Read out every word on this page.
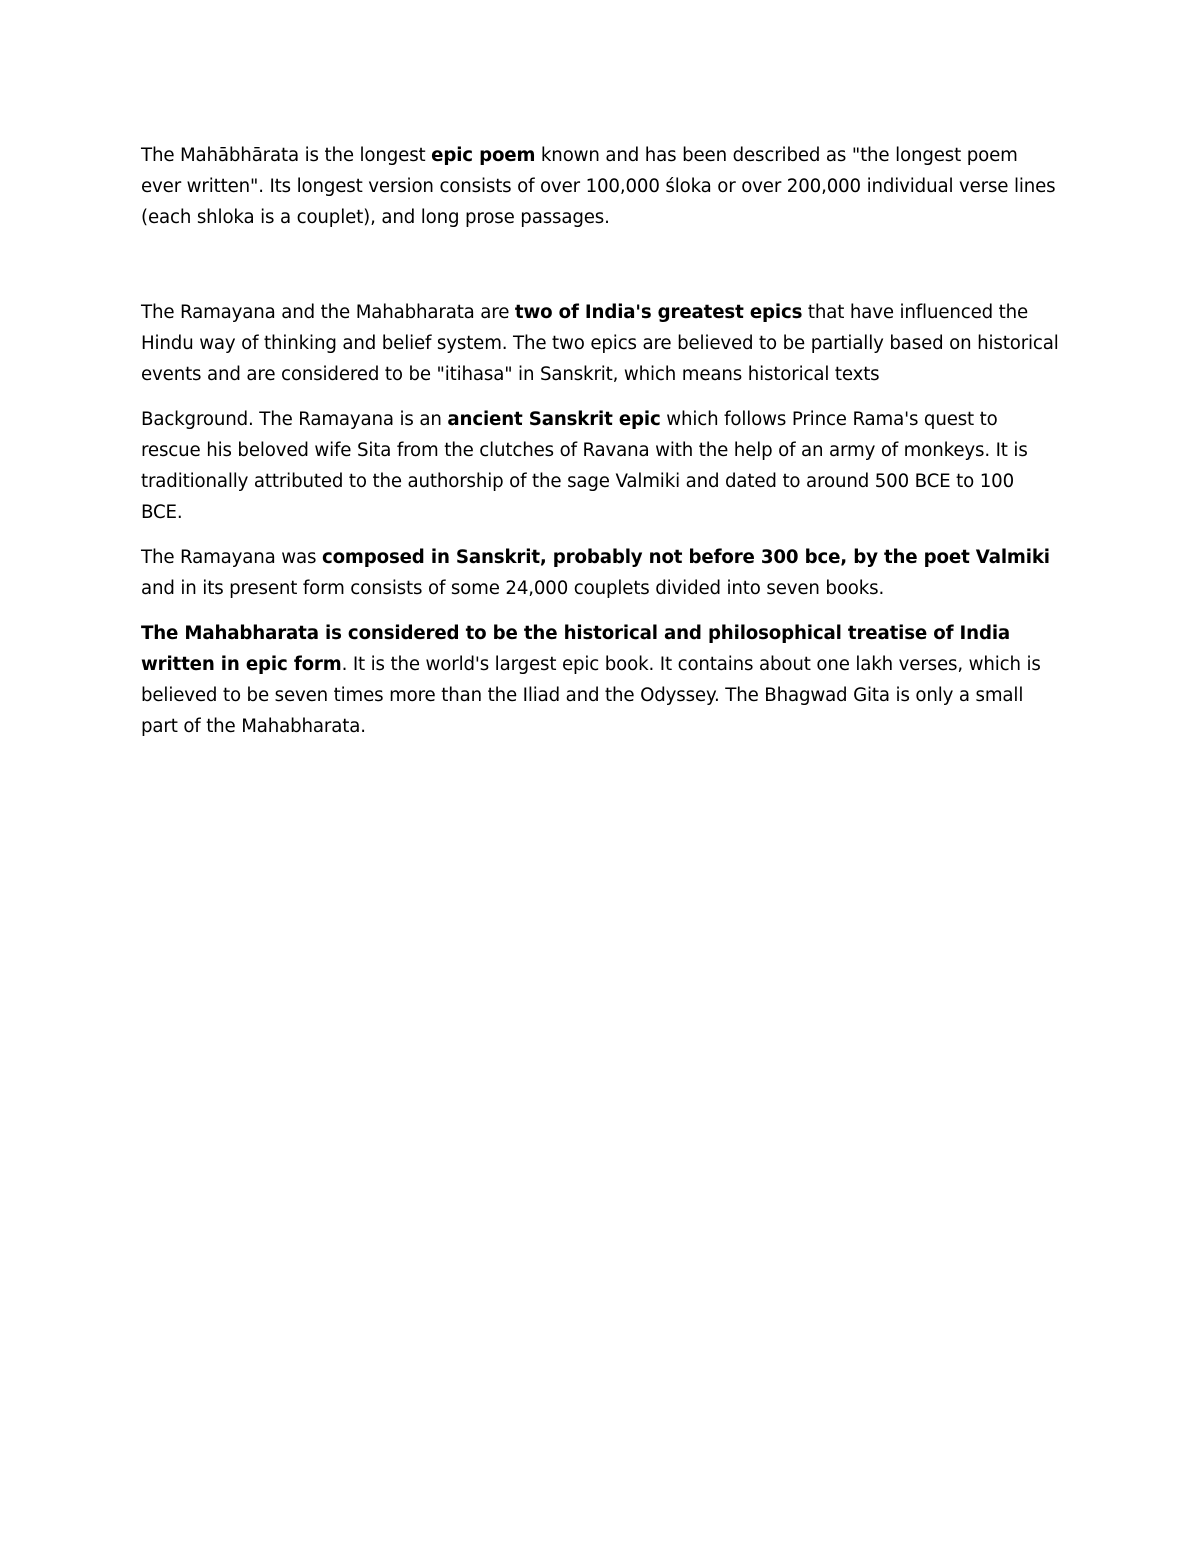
The Mahābhārata is the longest epic poem known and has been described as "the longest poem ever written". Its longest version consists of over 100,000 śloka or over 200,000 individual verse lines (each shloka is a couplet), and long prose passages.

The Ramayana and the Mahabharata are two of India's greatest epics that have influenced the Hindu way of thinking and belief system. The two epics are believed to be partially based on historical events and are considered to be "itihasa" in Sanskrit, which means historical texts

Background. The Ramayana is an ancient Sanskrit epic which follows Prince Rama's quest to rescue his beloved wife Sita from the clutches of Ravana with the help of an army of monkeys. It is traditionally attributed to the authorship of the sage Valmiki and dated to around 500 BCE to 100 BCE.

The Ramayana was composed in Sanskrit, probably not before 300 bce, by the poet Valmiki and in its present form consists of some 24,000 couplets divided into seven books.

The Mahabharata is considered to be the historical and philosophical treatise of India written in epic form. It is the world's largest epic book. It contains about one lakh verses, which is believed to be seven times more than the Iliad and the Odyssey. The Bhagwad Gita is only a small part of the Mahabharata.
